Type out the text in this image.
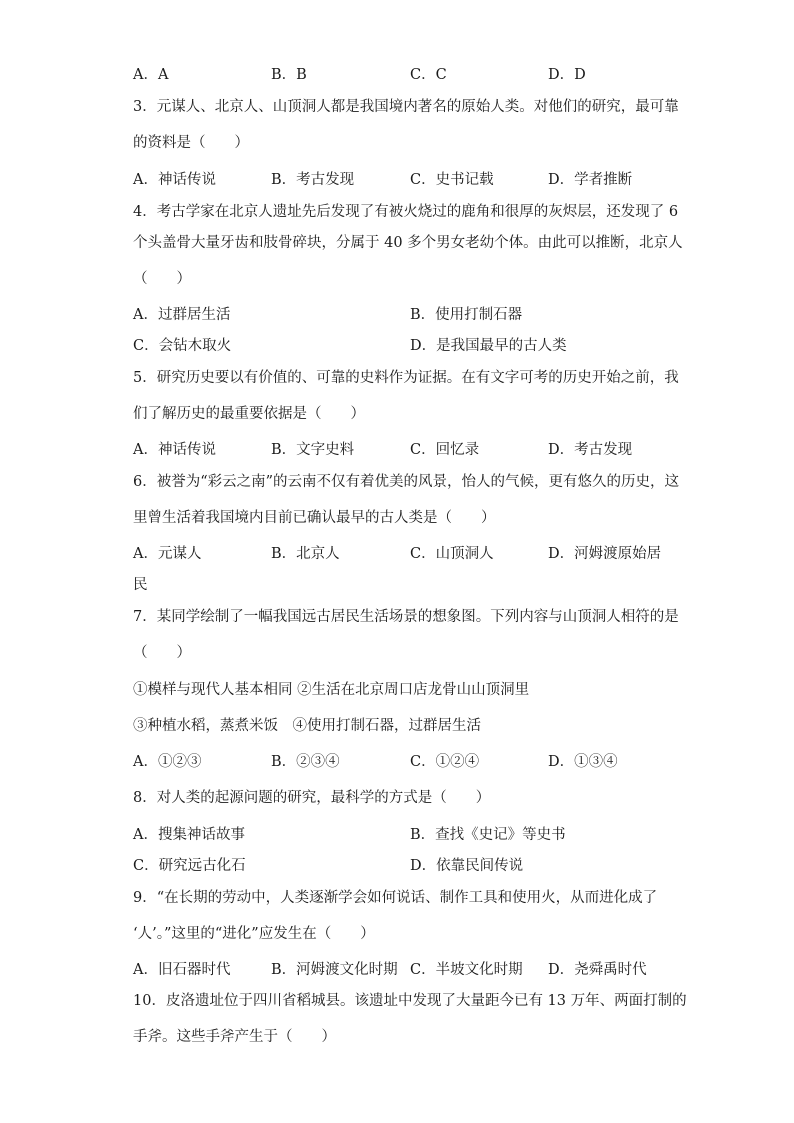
A．A	B．B	C．C	D．D
3．元谋人、北京人、山顶洞人都是我国境内著名的原始人类。对他们的研究，最可靠
的资料是（　　）
A．神话传说	B．考古发现	C．史书记载	D．学者推断
4．考古学家在北京人遗址先后发现了有被火烧过的鹿角和很厚的灰烬层，还发现了 6
个头盖骨大量牙齿和肢骨碎块，分属于 40 多个男女老幼个体。由此可以推断，北京人
（　　）
A．过群居生活	B．使用打制石器
C．会钻木取火	D．是我国最早的古人类
5．研究历史要以有价值的、可靠的史料作为证据。在有文字可考的历史开始之前，我
们了解历史的最重要依据是（　　）
A．神话传说	B．文字史料	C．回忆录	D．考古发现
6．被誉为“彩云之南”的云南不仅有着优美的风景，怡人的气候，更有悠久的历史，这
里曾生活着我国境内目前已确认最早的古人类是（　　）
A．元谋人	B．北京人	C．山顶洞人	D．河姆渡原始居
民
7．某同学绘制了一幅我国远古居民生活场景的想象图。下列内容与山顶洞人相符的是
（　　）
①模样与现代人基本相同 ②生活在北京周口店龙骨山山顶洞里
③种植水稻，蒸煮米饭　④使用打制石器，过群居生活
A．①②③	B．②③④	C．①②④	D．①③④
8．对人类的起源问题的研究，最科学的方式是（　　）
A．搜集神话故事	B．查找《史记》等史书
C．研究远古化石	D．依靠民间传说
9．“在长期的劳动中，人类逐渐学会如何说话、制作工具和使用火，从而进化成了
‘人’。”这里的“进化”应发生在（　　）
A．旧石器时代	B．河姆渡文化时期 C．半坡文化时期 D．尧舜禹时代
10．皮洛遗址位于四川省稻城县。该遗址中发现了大量距今已有 13 万年、两面打制的
手斧。这些手斧产生于（　　）
